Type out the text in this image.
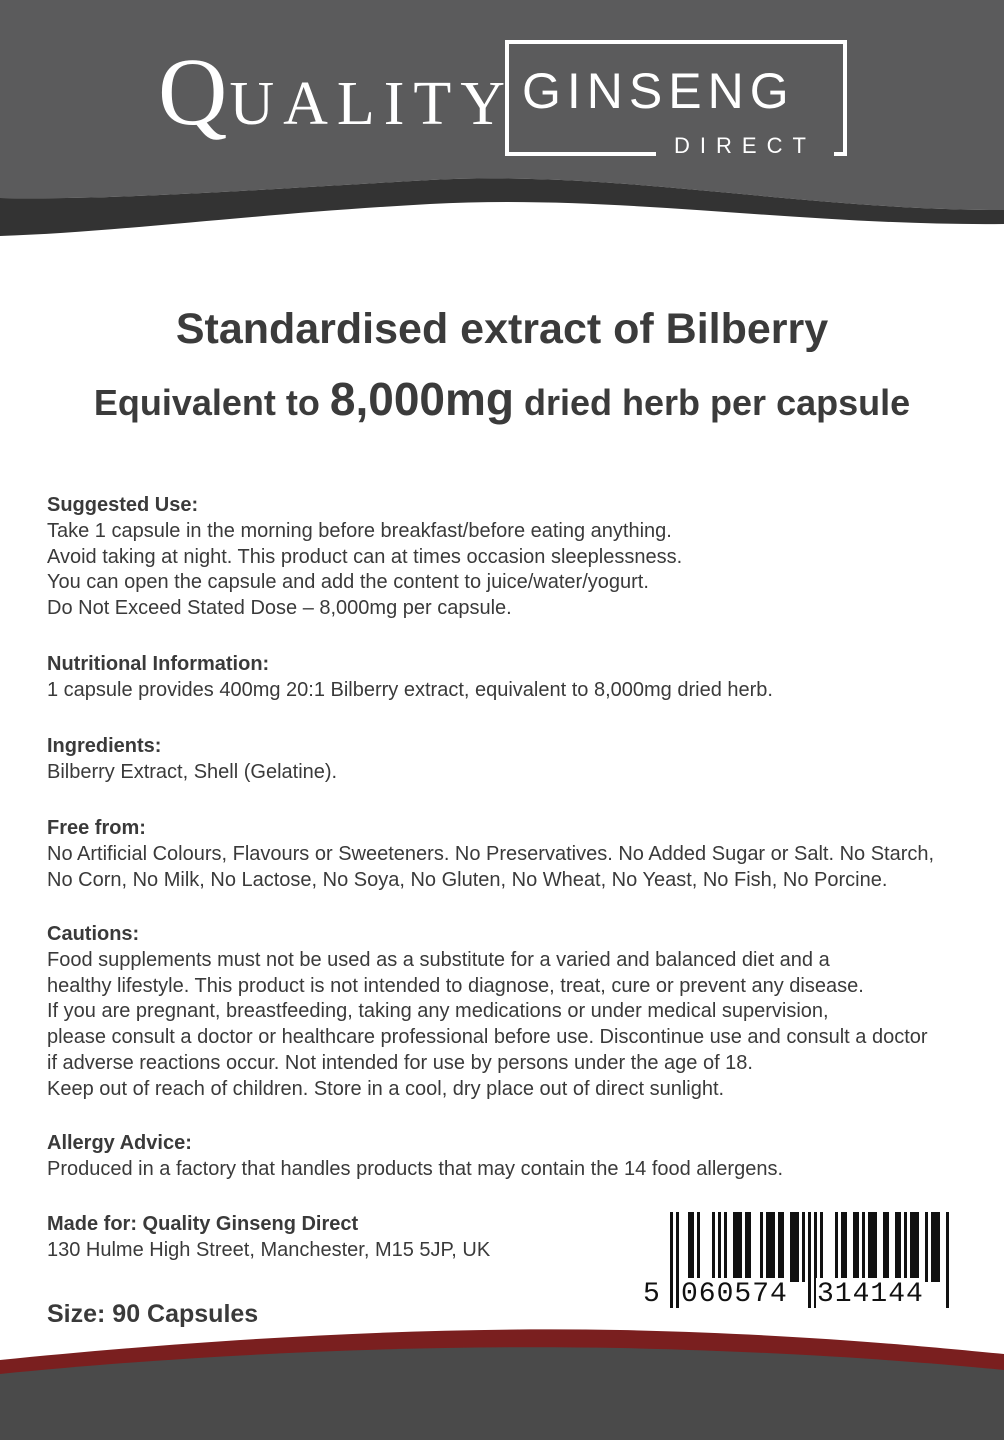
QUALITY GINSENG
DIRECT
Standardised extract of Bilberry
Equivalent to 8,000mg dried herb per capsule
Suggested Use:
Take 1 capsule in the morning before breakfast/before eating anything.
Avoid taking at night. This product can at times occasion sleeplessness.
You can open the capsule and add the content to juice/water/yogurt.
Do Not Exceed Stated Dose – 8,000mg per capsule.
Nutritional Information:
1 capsule provides 400mg 20:1 Bilberry extract, equivalent to 8,000mg dried herb.
Ingredients:
Bilberry Extract, Shell (Gelatine).
Free from:
No Artificial Colours, Flavours or Sweeteners. No Preservatives. No Added Sugar or Salt. No Starch,
No Corn, No Milk, No Lactose, No Soya, No Gluten, No Wheat, No Yeast, No Fish, No Porcine.
Cautions:
Food supplements must not be used as a substitute for a varied and balanced diet and a
healthy lifestyle. This product is not intended to diagnose, treat, cure or prevent any disease.
If you are pregnant, breastfeeding, taking any medications or under medical supervision,
please consult a doctor or healthcare professional before use. Discontinue use and consult a doctor
if adverse reactions occur. Not intended for use by persons under the age of 18.
Keep out of reach of children. Store in a cool, dry place out of direct sunlight.
Allergy Advice:
Produced in a factory that handles products that may contain the 14 food allergens.
Made for: Quality Ginseng Direct
130 Hulme High Street, Manchester, M15 5JP, UK
Size: 90 Capsules
5 060574 314144
